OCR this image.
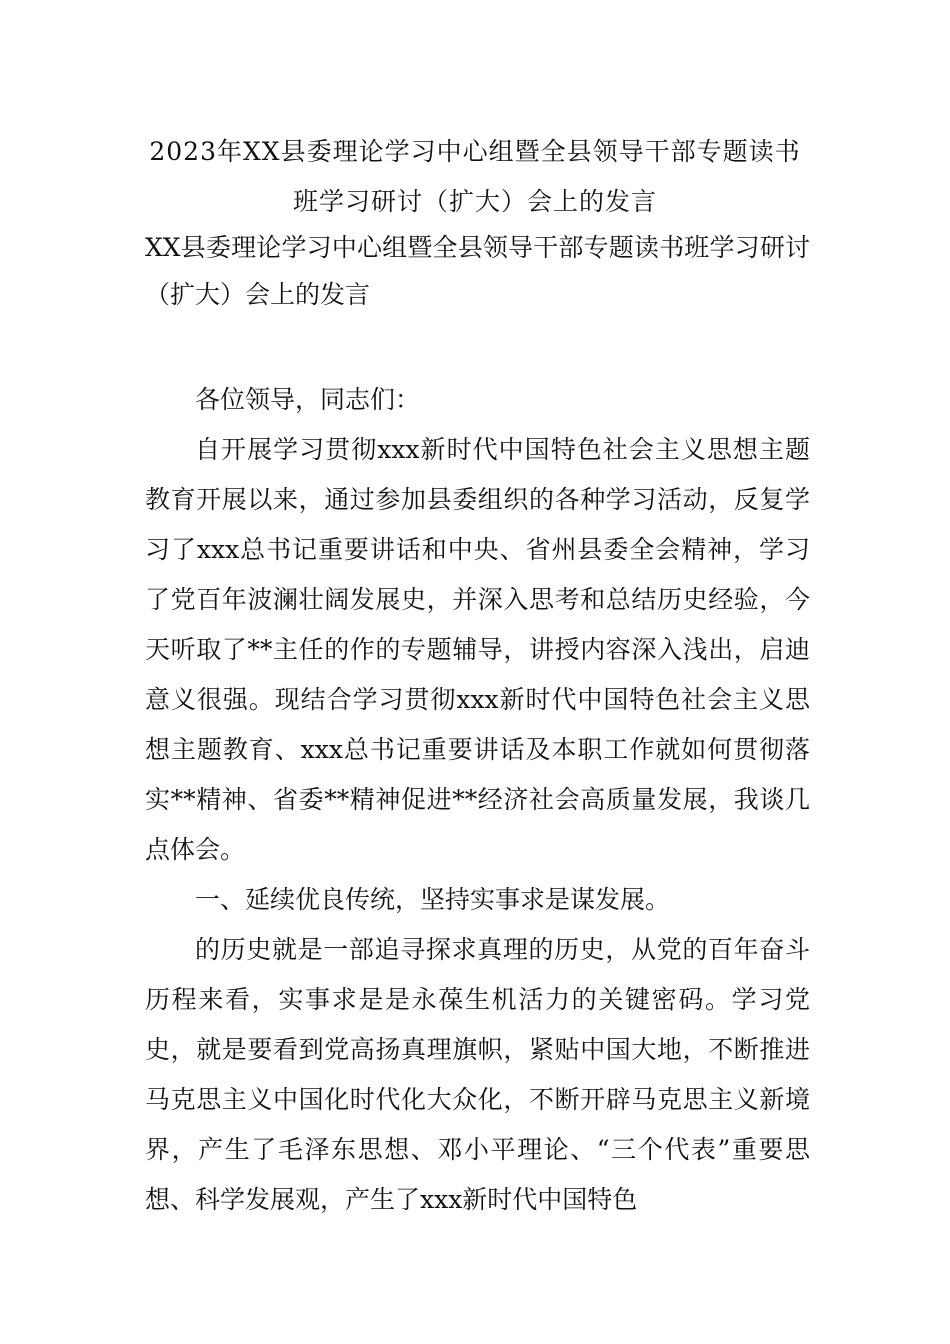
2023年XX县委理论学习中心组暨全县领导干部专题读书
班学习研讨（扩大）会上的发言
XX县委理论学习中心组暨全县领导干部专题读书班学习研讨（扩大）会上的发言
各位领导，同志们：
自开展学习贯彻xxx新时代中国特色社会主义思想主题教育开展以来，通过参加县委组织的各种学习活动，反复学习了xxx总书记重要讲话和中央、省州县委全会精神，学习了党百年波澜壮阔发展史，并深入思考和总结历史经验，今天听取了**主任的作的专题辅导，讲授内容深入浅出，启迪意义很强。现结合学习贯彻xxx新时代中国特色社会主义思想主题教育、xxx总书记重要讲话及本职工作就如何贯彻落实**精神、省委**精神促进**经济社会高质量发展，我谈几点体会。
一、延续优良传统，坚持实事求是谋发展。
的历史就是一部追寻探求真理的历史，从党的百年奋斗历程来看，实事求是是永葆生机活力的关键密码。学习党史，就是要看到党高扬真理旗帜，紧贴中国大地，不断推进马克思主义中国化时代化大众化，不断开辟马克思主义新境界，产生了毛泽东思想、邓小平理论、“三个代表”重要思想、科学发展观，产生了xxx新时代中国特色
